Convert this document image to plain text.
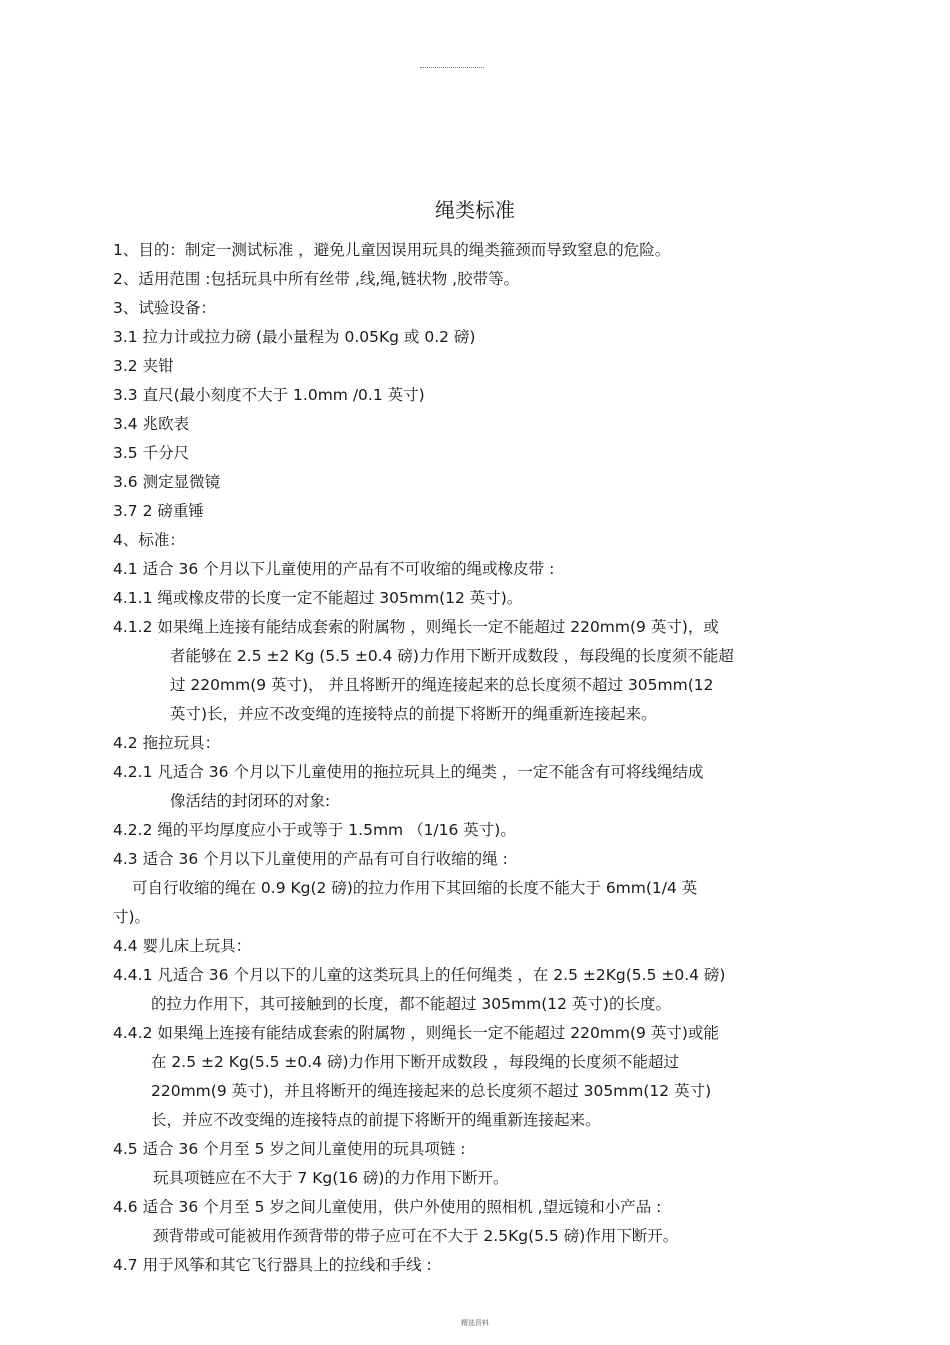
绳类标准
1、目的：制定一测试标准 ，避免儿童因误用玩具的绳类箍颈而导致窒息的危险。
2、适用范围 :包括玩具中所有丝带 ,线,绳,链状物 ,胶带等。
3、试验设备：
3.1 拉力计或拉力磅 (最小量程为 0.05Kg 或 0.2 磅)
3.2 夹钳
3.3 直尺(最小刻度不大于 1.0mm /0.1 英寸)
3.4 兆欧表
3.5 千分尺
3.6 测定显微镜
3.7 2 磅重锤
4、标准：
4.1 适合 36 个月以下儿童使用的产品有不可收缩的绳或橡皮带 :
4.1.1 绳或橡皮带的长度一定不能超过 305mm(12 英寸)。
4.1.2 如果绳上连接有能结成套索的附属物 ，则绳长一定不能超过 220mm(9 英寸)，或
者能够在 2.5 ±2 Kg (5.5 ±0.4 磅)力作用下断开成数段 ，每段绳的长度须不能超
过 220mm(9 英寸)， 并且将断开的绳连接起来的总长度须不超过 305mm(12
英寸)长，并应不改变绳的连接特点的前提下将断开的绳重新连接起来。
4.2 拖拉玩具：
4.2.1 凡适合 36 个月以下儿童使用的拖拉玩具上的绳类 ，一定不能含有可将线绳结成
像活结的封闭环的对象:
4.2.2 绳的平均厚度应小于或等于 1.5mm （1/16 英寸)。
4.3 适合 36 个月以下儿童使用的产品有可自行收缩的绳 :
可自行收缩的绳在 0.9 Kg(2 磅)的拉力作用下其回缩的长度不能大于 6mm(1/4 英
寸)。
4.4 婴儿床上玩具：
4.4.1 凡适合 36 个月以下的儿童的这类玩具上的任何绳类 ，在 2.5 ±2Kg(5.5 ±0.4 磅)
的拉力作用下，其可接触到的长度，都不能超过 305mm(12 英寸)的长度。
4.4.2 如果绳上连接有能结成套索的附属物 ，则绳长一定不能超过 220mm(9 英寸)或能
在 2.5 ±2 Kg(5.5 ±0.4 磅)力作用下断开成数段 ，每段绳的长度须不能超过
220mm(9 英寸)，并且将断开的绳连接起来的总长度须不超过 305mm(12 英寸)
长，并应不改变绳的连接特点的前提下将断开的绳重新连接起来。
4.5 适合 36 个月至 5 岁之间儿童使用的玩具项链 :
玩具项链应在不大于 7 Kg(16 磅)的力作用下断开。
4.6 适合 36 个月至 5 岁之间儿童使用，供户外使用的照相机 ,望远镜和小产品 :
颈背带或可能被用作颈背带的带子应可在不大于 2.5Kg(5.5 磅)作用下断开。
4.7 用于风筝和其它飞行器具上的拉线和手线 :
精选资料
